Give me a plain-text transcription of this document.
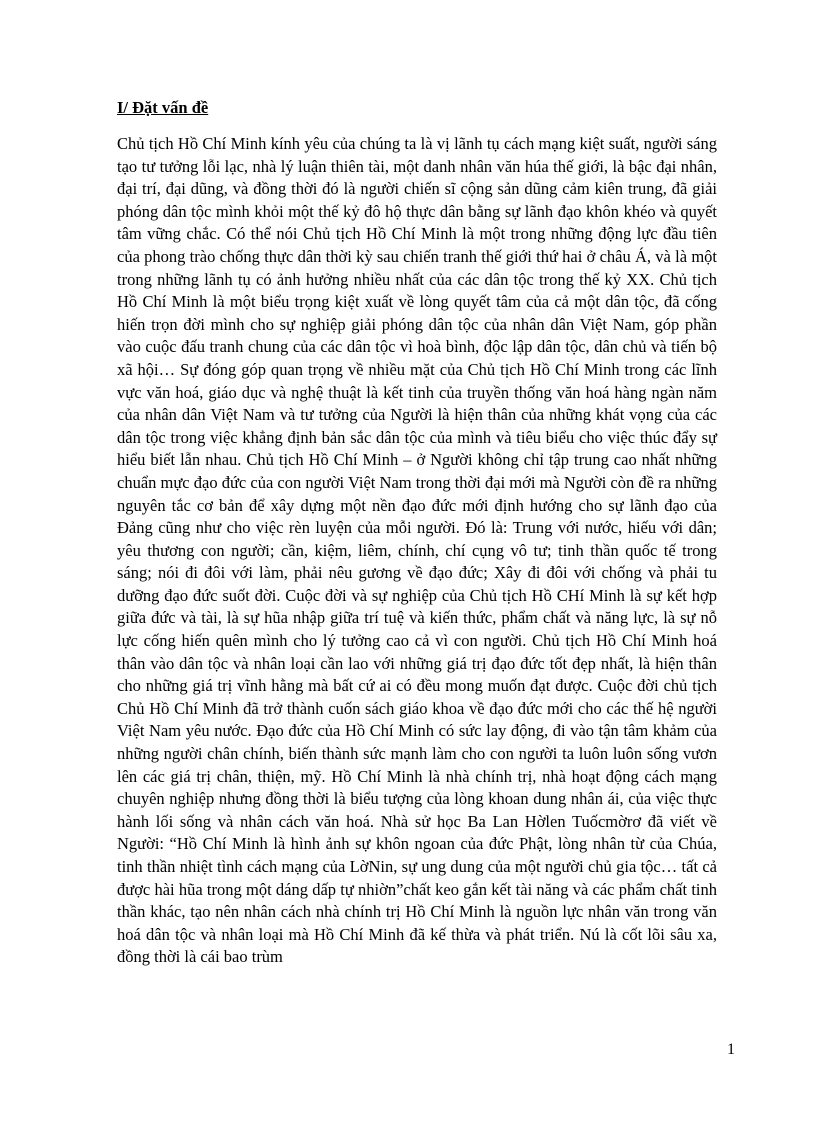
I/ Đặt vấn đề

Chủ tịch Hồ Chí Minh kính yêu của chúng ta là vị lãnh tụ cách mạng kiệt suất, người sáng tạo tư tưởng lỗi lạc, nhà lý luận thiên tài, một danh nhân văn húa thế giới, là bậc đại nhân, đại trí, đại dũng, và đồng thời đó là người chiến sĩ cộng sản dũng cảm kiên trung, đã giải phóng dân tộc mình khỏi một thế kỷ đô hộ thực dân bằng sự lãnh đạo khôn khéo và quyết tâm vững chắc. Có thể nói Chủ tịch Hồ Chí Minh là một trong những động lực đầu tiên của phong trào chống thực dân thời kỳ sau chiến tranh thế giới thứ hai ở châu Á, và là một trong những lãnh tụ có ảnh hưởng nhiều nhất của các dân tộc trong thế kỷ XX. Chủ tịch Hồ Chí Minh là một biểu trọng kiệt xuất về lòng quyết tâm của cả một dân tộc, đã cống hiến trọn đời mình cho sự nghiệp giải phóng dân tộc của nhân dân Việt Nam, góp phần vào cuộc đấu tranh chung của các dân tộc vì hoà bình, độc lập dân tộc, dân chủ và tiến bộ xã hội… Sự đóng góp quan trọng về nhiều mặt của Chủ tịch Hồ Chí Minh trong các lĩnh vực văn hoá, giáo dục và nghệ thuật là kết tinh của truyền thống văn hoá hàng ngàn năm của nhân dân Việt Nam và tư tưởng của Người là hiện thân của những khát vọng của các dân tộc trong việc khẳng định bản sắc dân tộc của mình và tiêu biểu cho việc thúc đẩy sự hiểu biết lẫn nhau. Chủ tịch Hồ Chí Minh – ở Người không chỉ tập trung cao nhất những chuẩn mực đạo đức của con người Việt Nam trong thời đại mới mà Người còn đề ra những nguyên tắc cơ bản để xây dựng một nền đạo đức mới định hướng cho sự lãnh đạo của Đảng cũng như cho việc rèn luyện của mỗi người. Đó là: Trung với nước, hiếu với dân; yêu thương con người; cần, kiệm, liêm, chính, chí cụng vô tư; tinh thần quốc tế trong sáng; nói đi đôi với làm, phải nêu gương về đạo đức; Xây đi đôi với chống và phải tu dưỡng đạo đức suốt đời. Cuộc đời và sự nghiệp của Chủ tịch Hồ CHí Minh là sự kết hợp giữa đức và tài, là sự hũa nhập giữa trí tuệ và kiến thức, phẩm chất và năng lực, là sự nỗ lực cống hiến quên mình cho lý tưởng cao cả vì con người. Chủ tịch Hồ Chí Minh hoá thân vào dân tộc và nhân loại cần lao với những giá trị đạo đức tốt đẹp nhất, là hiện thân cho những giá trị vĩnh hằng mà bất cứ ai có đều mong muốn đạt được. Cuộc đời chủ tịch Chủ Hồ Chí Minh đã trở thành cuốn sách giáo khoa về đạo đức mới cho các thế hệ người Việt Nam yêu nước. Đạo đức của Hồ Chí Minh có sức lay động, đi vào tận tâm khảm của những người chân chính, biến thành sức mạnh làm cho con người ta luôn luôn sống vươn lên các giá trị chân, thiện, mỹ. Hồ Chí Minh là nhà chính trị, nhà hoạt động cách mạng chuyên nghiệp nhưng đồng thời là biểu tượng của lòng khoan dung nhân ái, của việc thực hành lối sống và nhân cách văn hoá. Nhà sử học Ba Lan Hờlen Tuốcmờrơ đã viết về Người: “Hồ Chí Minh là hình ảnh sự khôn ngoan của đức Phật, lòng nhân từ của Chúa, tinh thần nhiệt tình cách mạng của LờNin, sự ung dung của một người chủ gia tộc… tất cả được hài hũa trong một dáng dấp tự nhiờn”chất keo gắn kết tài năng và các phẩm chất tinh thần khác, tạo nên nhân cách nhà chính trị Hồ Chí Minh là nguồn lực nhân văn trong văn hoá dân tộc và nhân loại mà Hồ Chí Minh đã kế thừa và phát triển. Nú là cốt lõi sâu xa, đồng thời là cái bao trùm

1
